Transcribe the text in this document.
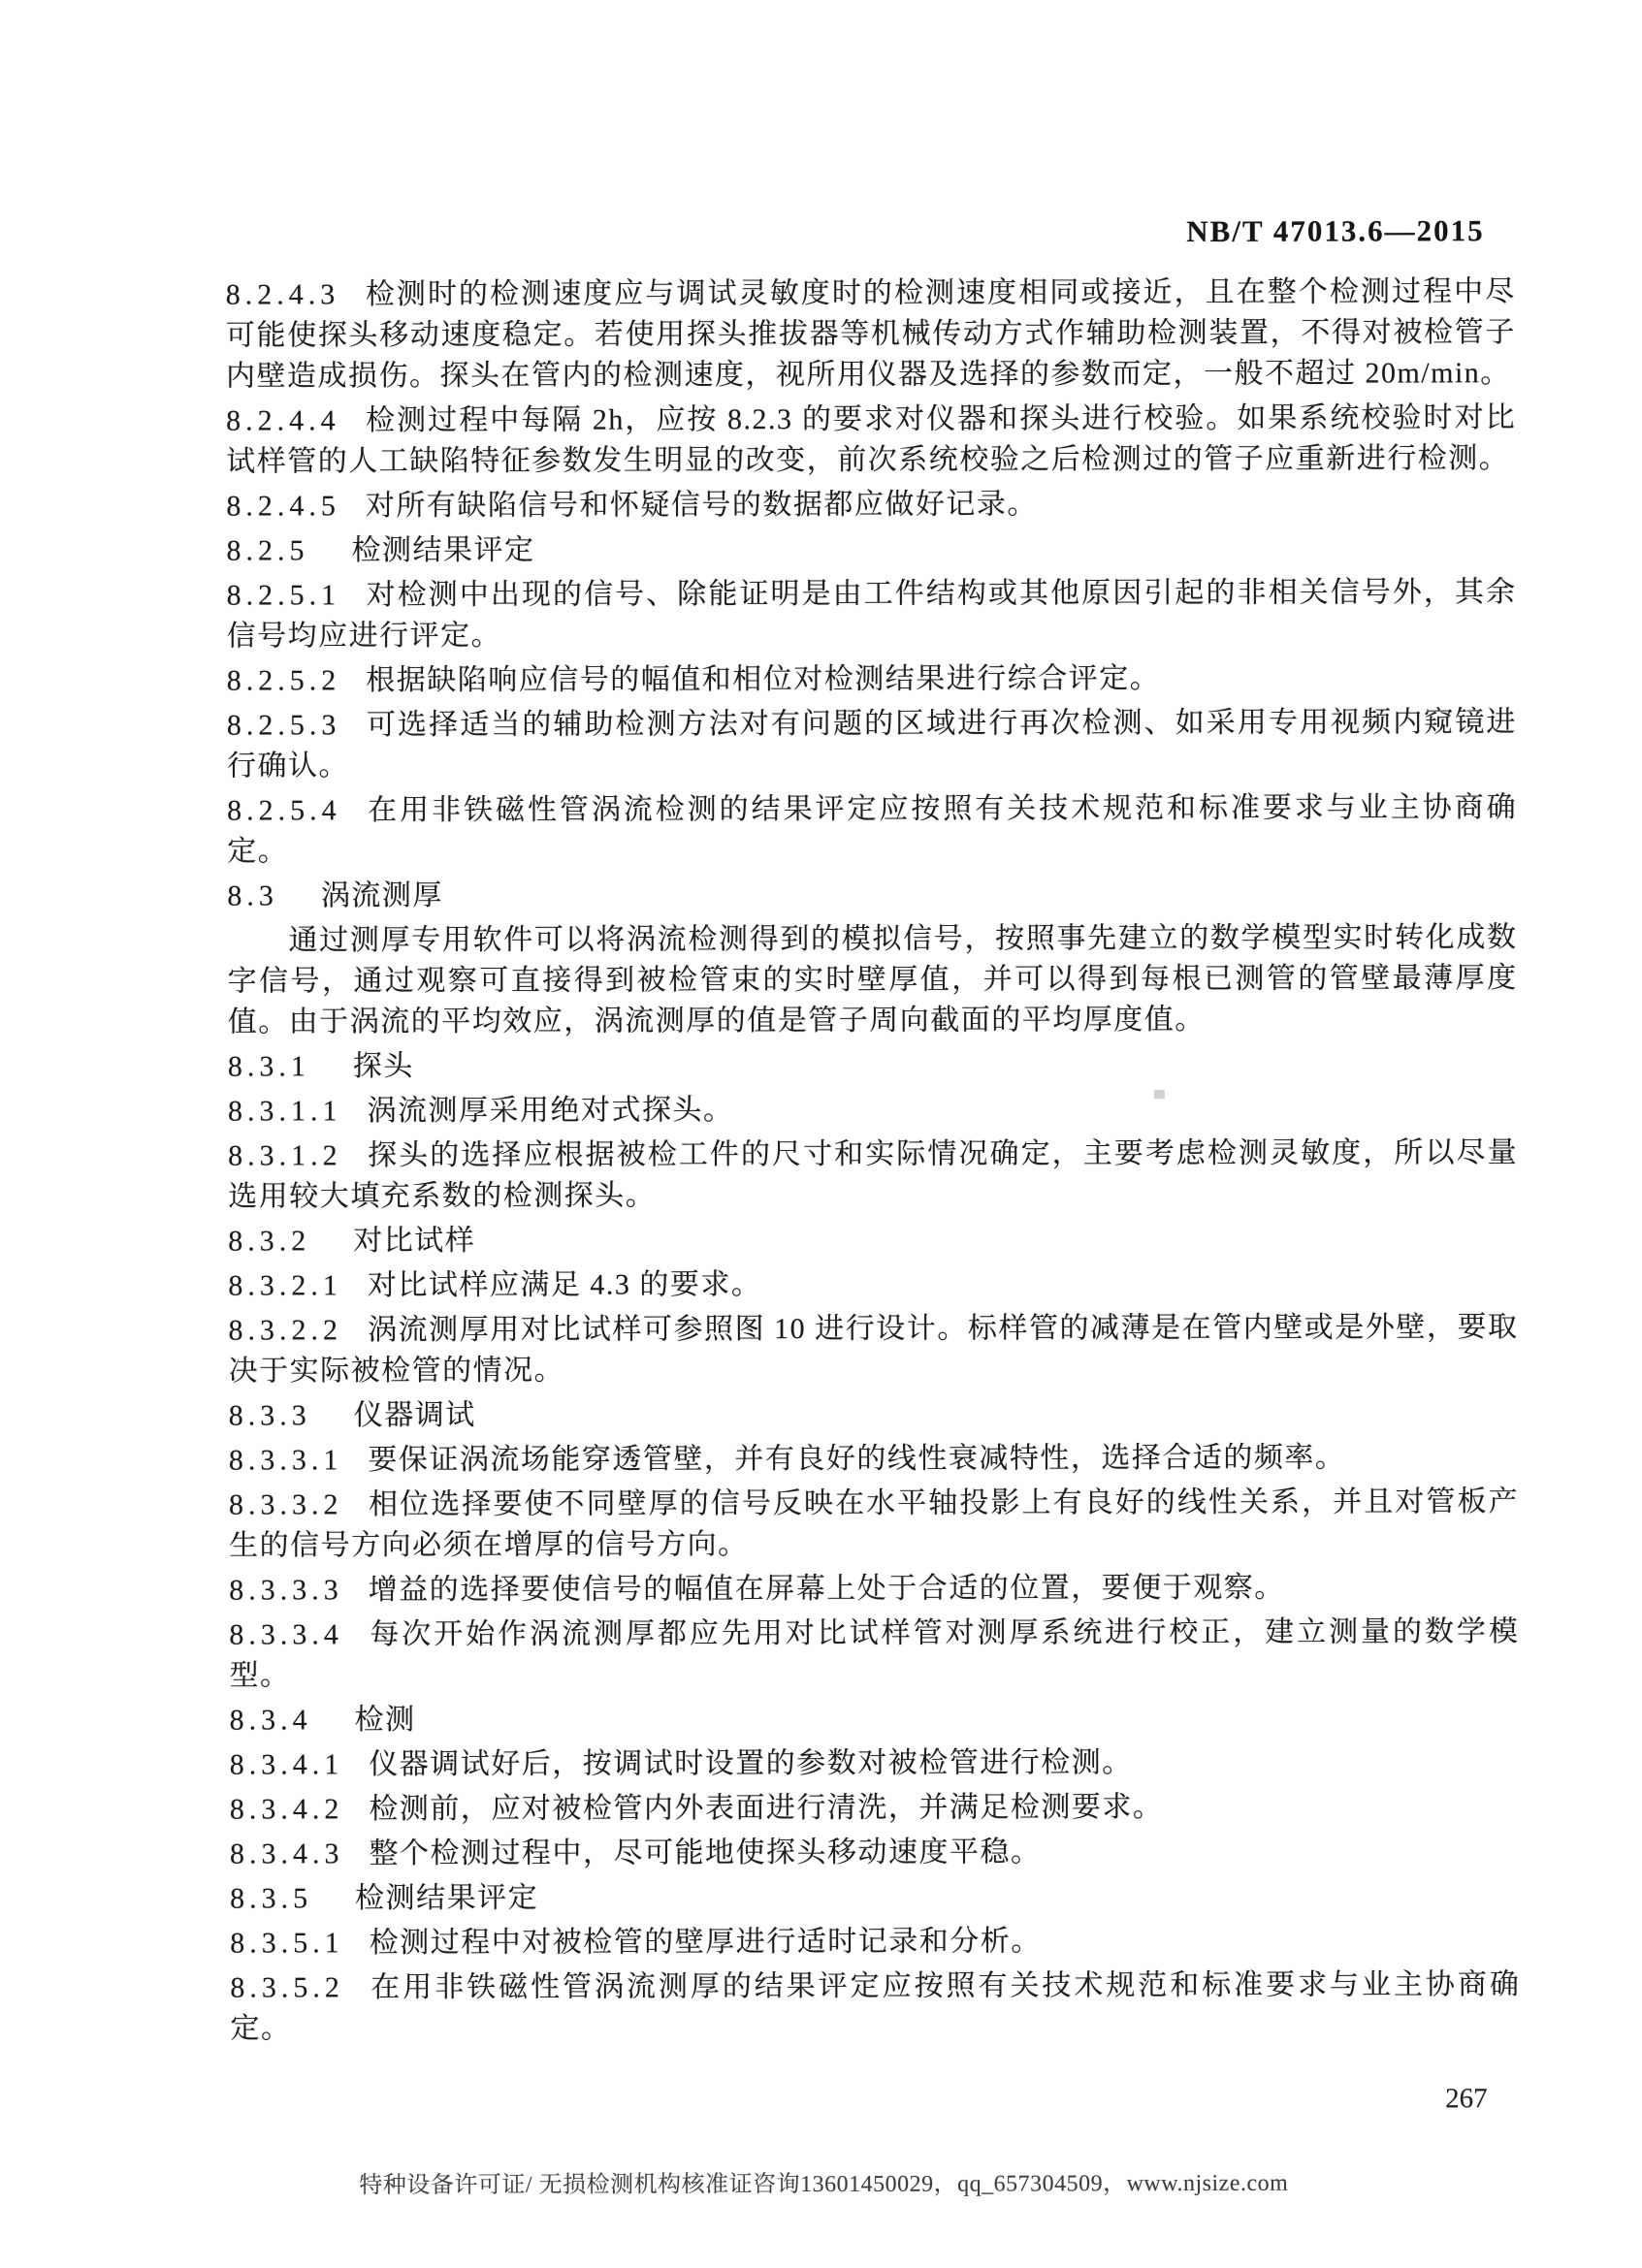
NB/T 47013.6—2015

8.2.4.3 检测时的检测速度应与调试灵敏度时的检测速度相同或接近，且在整个检测过程中尽可能使探头移动速度稳定。若使用探头推拔器等机械传动方式作辅助检测装置，不得对被检管子内壁造成损伤。探头在管内的检测速度，视所用仪器及选择的参数而定，一般不超过 20m/min。

8.2.4.4 检测过程中每隔 2h，应按 8.2.3 的要求对仪器和探头进行校验。如果系统校验时对比试样管的人工缺陷特征参数发生明显的改变，前次系统校验之后检测过的管子应重新进行检测。

8.2.4.5 对所有缺陷信号和怀疑信号的数据都应做好记录。

8.2.5 检测结果评定

8.2.5.1 对检测中出现的信号、除能证明是由工件结构或其他原因引起的非相关信号外，其余信号均应进行评定。

8.2.5.2 根据缺陷响应信号的幅值和相位对检测结果进行综合评定。

8.2.5.3 可选择适当的辅助检测方法对有问题的区域进行再次检测、如采用专用视频内窥镜进行确认。

8.2.5.4 在用非铁磁性管涡流检测的结果评定应按照有关技术规范和标准要求与业主协商确定。

8.3 涡流测厚

通过测厚专用软件可以将涡流检测得到的模拟信号，按照事先建立的数学模型实时转化成数字信号，通过观察可直接得到被检管束的实时壁厚值，并可以得到每根已测管的管壁最薄厚度值。由于涡流的平均效应，涡流测厚的值是管子周向截面的平均厚度值。

8.3.1 探头

8.3.1.1 涡流测厚采用绝对式探头。

8.3.1.2 探头的选择应根据被检工件的尺寸和实际情况确定，主要考虑检测灵敏度，所以尽量选用较大填充系数的检测探头。

8.3.2 对比试样

8.3.2.1 对比试样应满足 4.3 的要求。

8.3.2.2 涡流测厚用对比试样可参照图 10 进行设计。标样管的减薄是在管内壁或是外壁，要取决于实际被检管的情况。

8.3.3 仪器调试

8.3.3.1 要保证涡流场能穿透管壁，并有良好的线性衰减特性，选择合适的频率。

8.3.3.2 相位选择要使不同壁厚的信号反映在水平轴投影上有良好的线性关系，并且对管板产生的信号方向必须在增厚的信号方向。

8.3.3.3 增益的选择要使信号的幅值在屏幕上处于合适的位置，要便于观察。

8.3.3.4 每次开始作涡流测厚都应先用对比试样管对测厚系统进行校正，建立测量的数学模型。

8.3.4 检测

8.3.4.1 仪器调试好后，按调试时设置的参数对被检管进行检测。

8.3.4.2 检测前，应对被检管内外表面进行清洗，并满足检测要求。

8.3.4.3 整个检测过程中，尽可能地使探头移动速度平稳。

8.3.5 检测结果评定

8.3.5.1 检测过程中对被检管的壁厚进行适时记录和分析。

8.3.5.2 在用非铁磁性管涡流测厚的结果评定应按照有关技术规范和标准要求与业主协商确定。

267
特种设备许可证/ 无损检测机构核准证咨询13601450029，qq_657304509，www.njsize.com
